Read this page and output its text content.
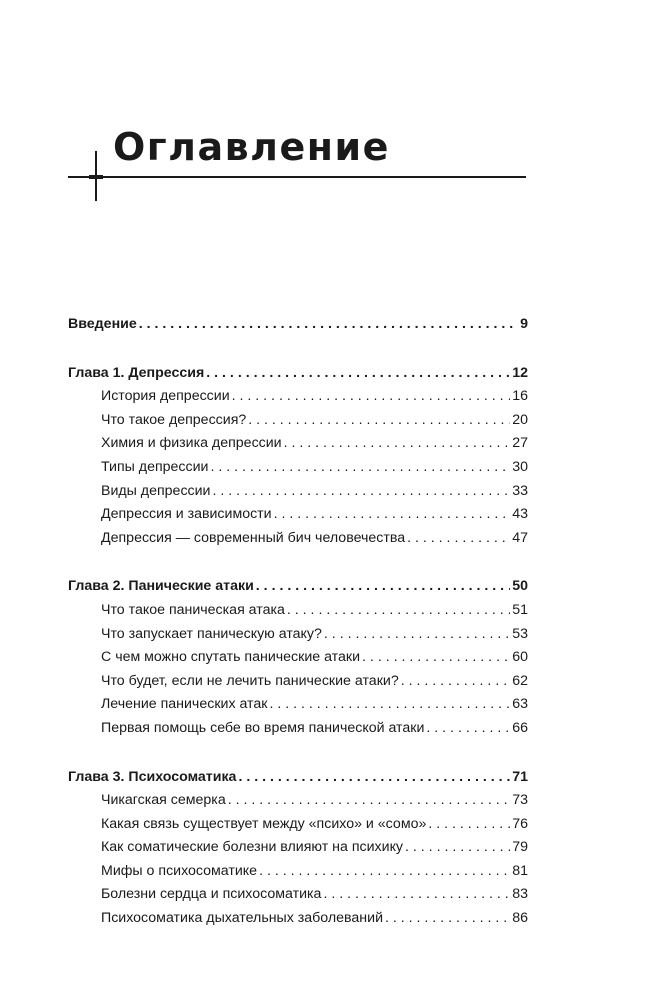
Оглавление
Введение . . .	9
Глава 1. Депрессия . . .	12
История депрессии . . .	16
Что такое депрессия? . . .	20
Химия и физика депрессии . . .	27
Типы депрессии . . .	30
Виды депрессии . . .	33
Депрессия и зависимости . . .	43
Депрессия — современный бич человечества . . .	47
Глава 2. Панические атаки . . .	50
Что такое паническая атака . . .	51
Что запускает паническую атаку? . . .	53
С чем можно спутать панические атаки . . .	60
Что будет, если не лечить панические атаки? . . .	62
Лечение панических атак . . .	63
Первая помощь себе во время панической атаки . . .	66
Глава 3. Психосоматика . . .	71
Чикагская семерка . . .	73
Какая связь существует между «психо» и «сомо» . . .	76
Как соматические болезни влияют на психику . . .	79
Мифы о психосоматике . . .	81
Болезни сердца и психосоматика . . .	83
Психосоматика дыхательных заболеваний . . .	86
